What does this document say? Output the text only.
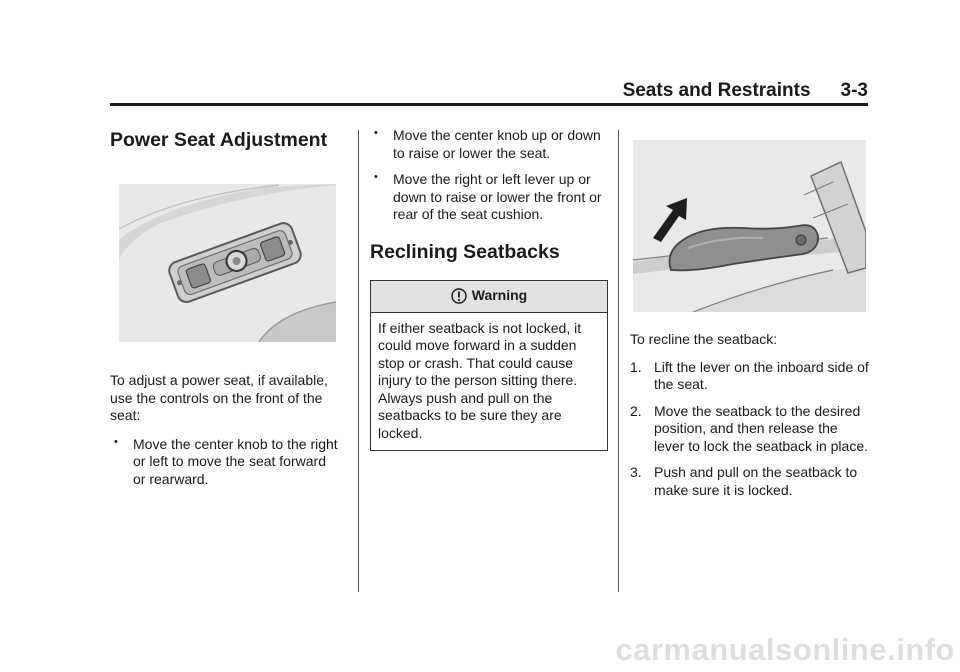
Seats and Restraints 3-3
Power Seat Adjustment

To adjust a power seat, if available, use the controls on the front of the seat:

• Move the center knob to the right or left to move the seat forward or rearward.
• Move the center knob up or down to raise or lower the seat.
• Move the right or left lever up or down to raise or lower the front or rear of the seat cushion.
Reclining Seatbacks
Warning
If either seatback is not locked, it could move forward in a sudden stop or crash. That could cause injury to the person sitting there. Always push and pull on the seatbacks to be sure they are locked.

To recline the seatback:

1. Lift the lever on the inboard side of the seat.
2. Move the seatback to the desired position, and then release the lever to lock the seatback in place.
3. Push and pull on the seatback to make sure it is locked.
carmanualsonline.info
